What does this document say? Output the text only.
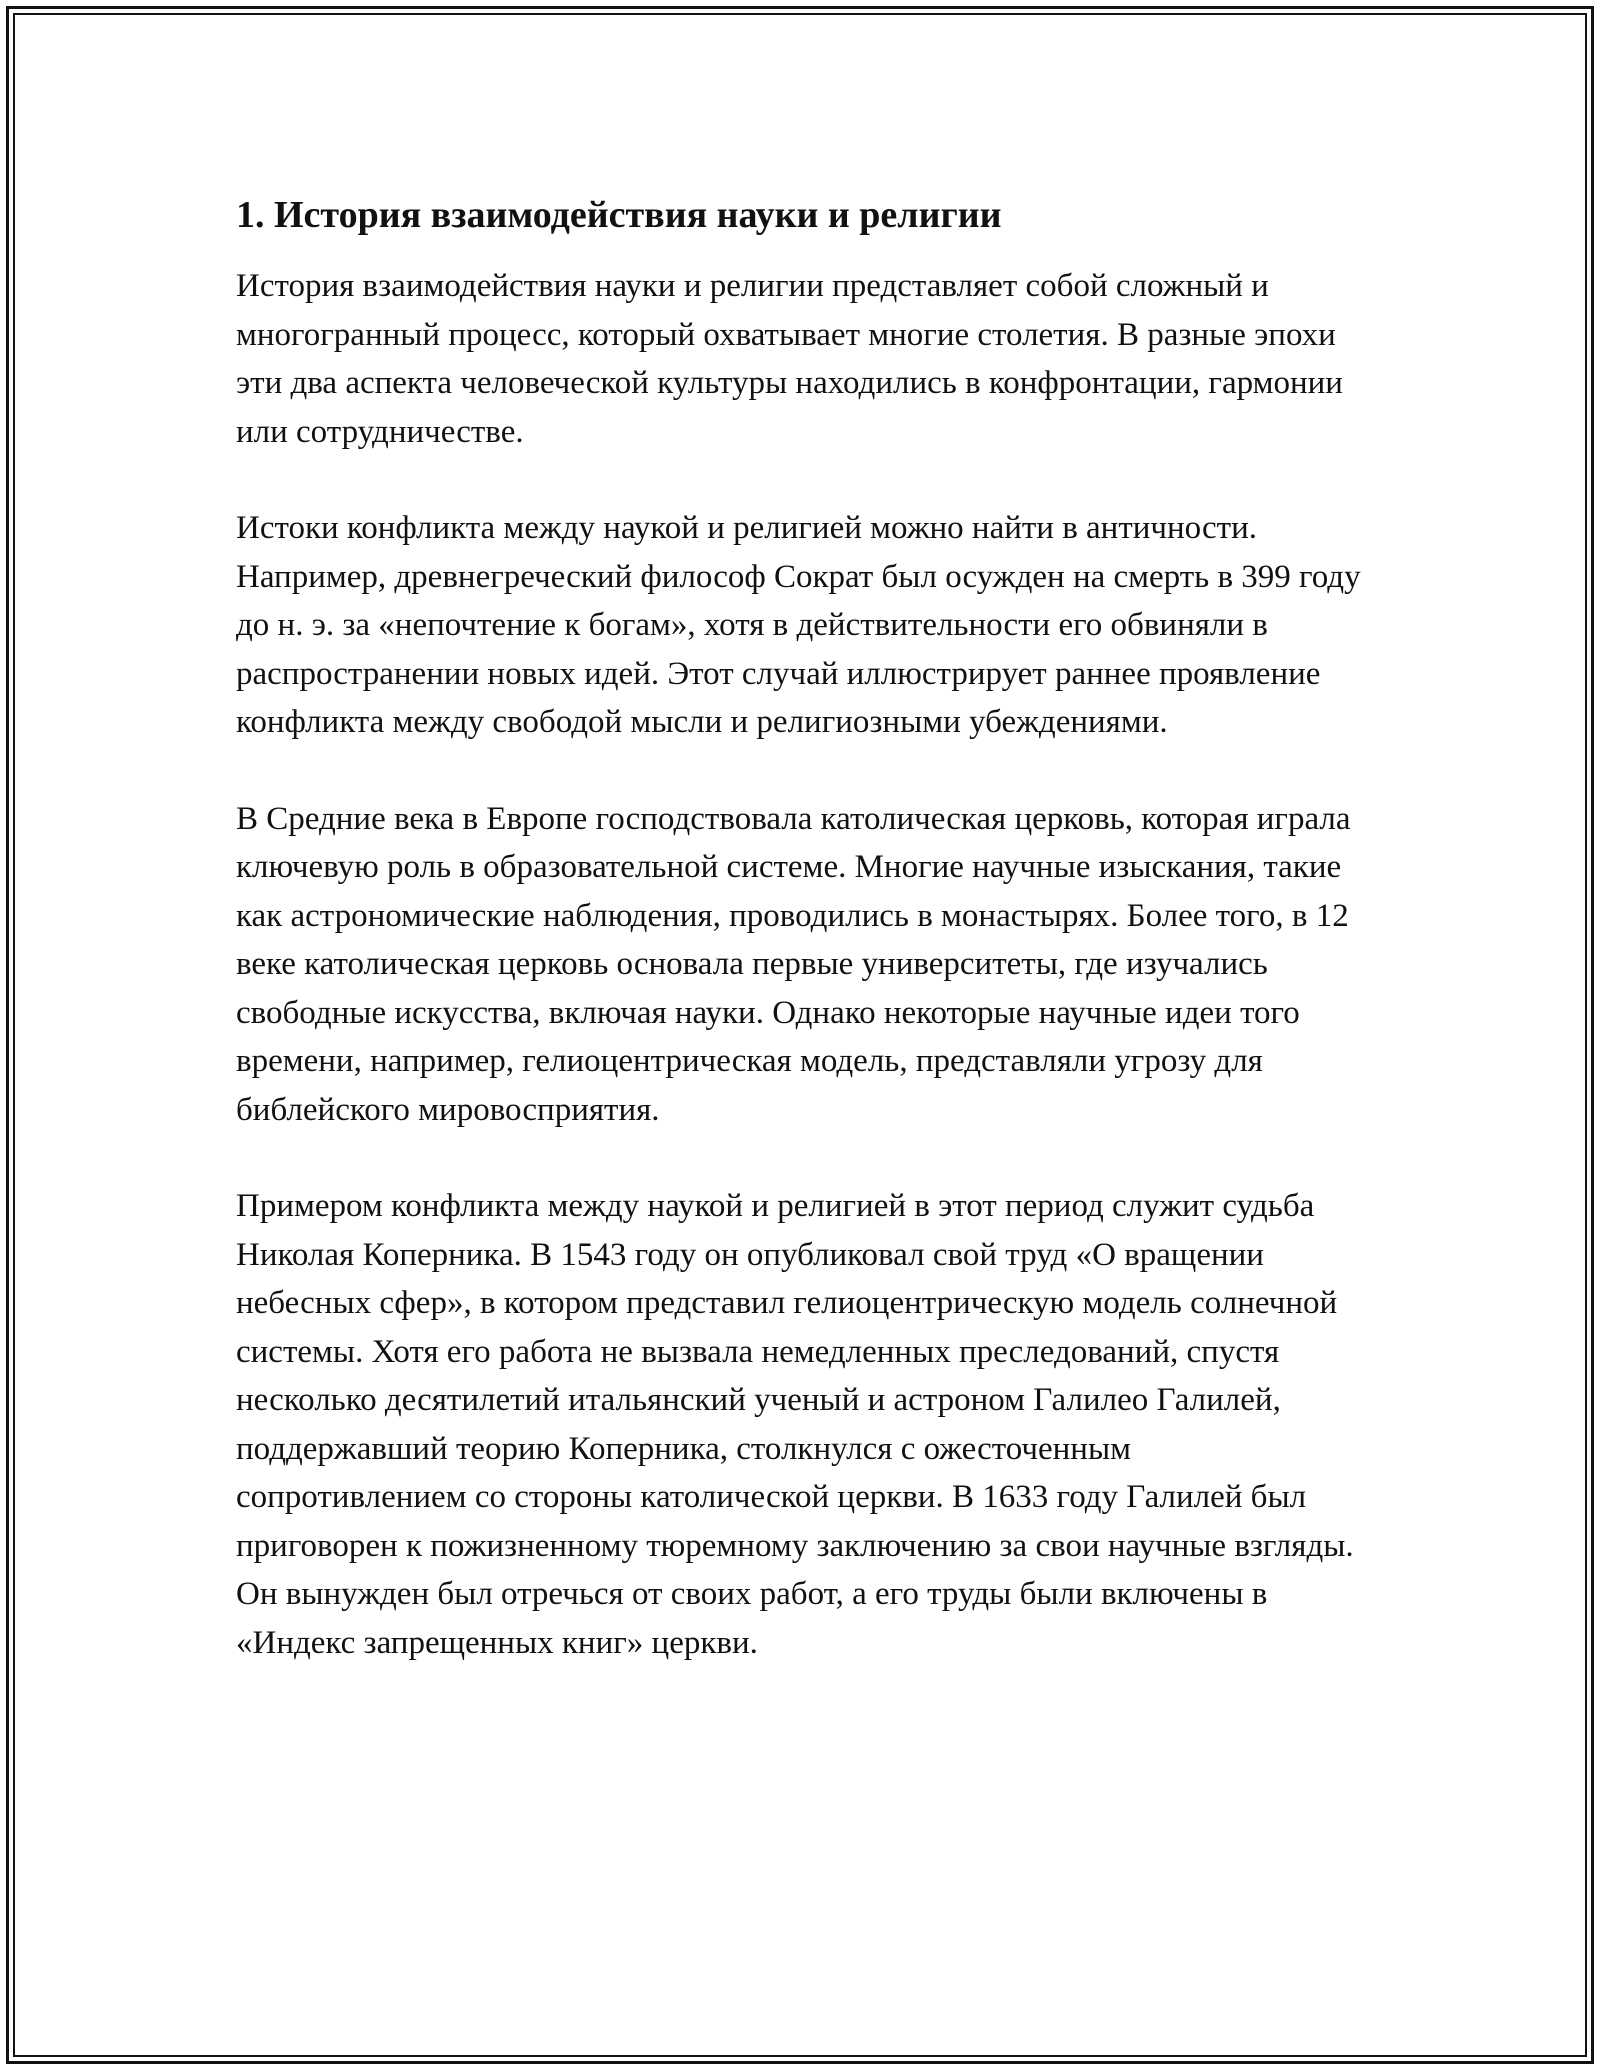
1. История взаимодействия науки и религии

История взаимодействия науки и религии представляет собой сложный и многогранный процесс, который охватывает многие столетия. В разные эпохи эти два аспекта человеческой культуры находились в конфронтации, гармонии или сотрудничестве.

Истоки конфликта между наукой и религией можно найти в античности. Например, древнегреческий философ Сократ был осужден на смерть в 399 году до н. э. за «непочтение к богам», хотя в действительности его обвиняли в распространении новых идей. Этот случай иллюстрирует раннее проявление конфликта между свободой мысли и религиозными убеждениями.

В Средние века в Европе господствовала католическая церковь, которая играла ключевую роль в образовательной системе. Многие научные изыскания, такие как астрономические наблюдения, проводились в монастырях. Более того, в 12 веке католическая церковь основала первые университеты, где изучались свободные искусства, включая науки. Однако некоторые научные идеи того времени, например, гелиоцентрическая модель, представляли угрозу для библейского мировосприятия.

Примером конфликта между наукой и религией в этот период служит судьба Николая Коперника. В 1543 году он опубликовал свой труд «О вращении небесных сфер», в котором представил гелиоцентрическую модель солнечной системы. Хотя его работа не вызвала немедленных преследований, спустя несколько десятилетий итальянский ученый и астроном Галилео Галилей, поддержавший теорию Коперника, столкнулся с ожесточенным сопротивлением со стороны католической церкви. В 1633 году Галилей был приговорен к пожизненному тюремному заключению за свои научные взгляды. Он вынужден был отречься от своих работ, а его труды были включены в «Индекс запрещенных книг» церкви.
